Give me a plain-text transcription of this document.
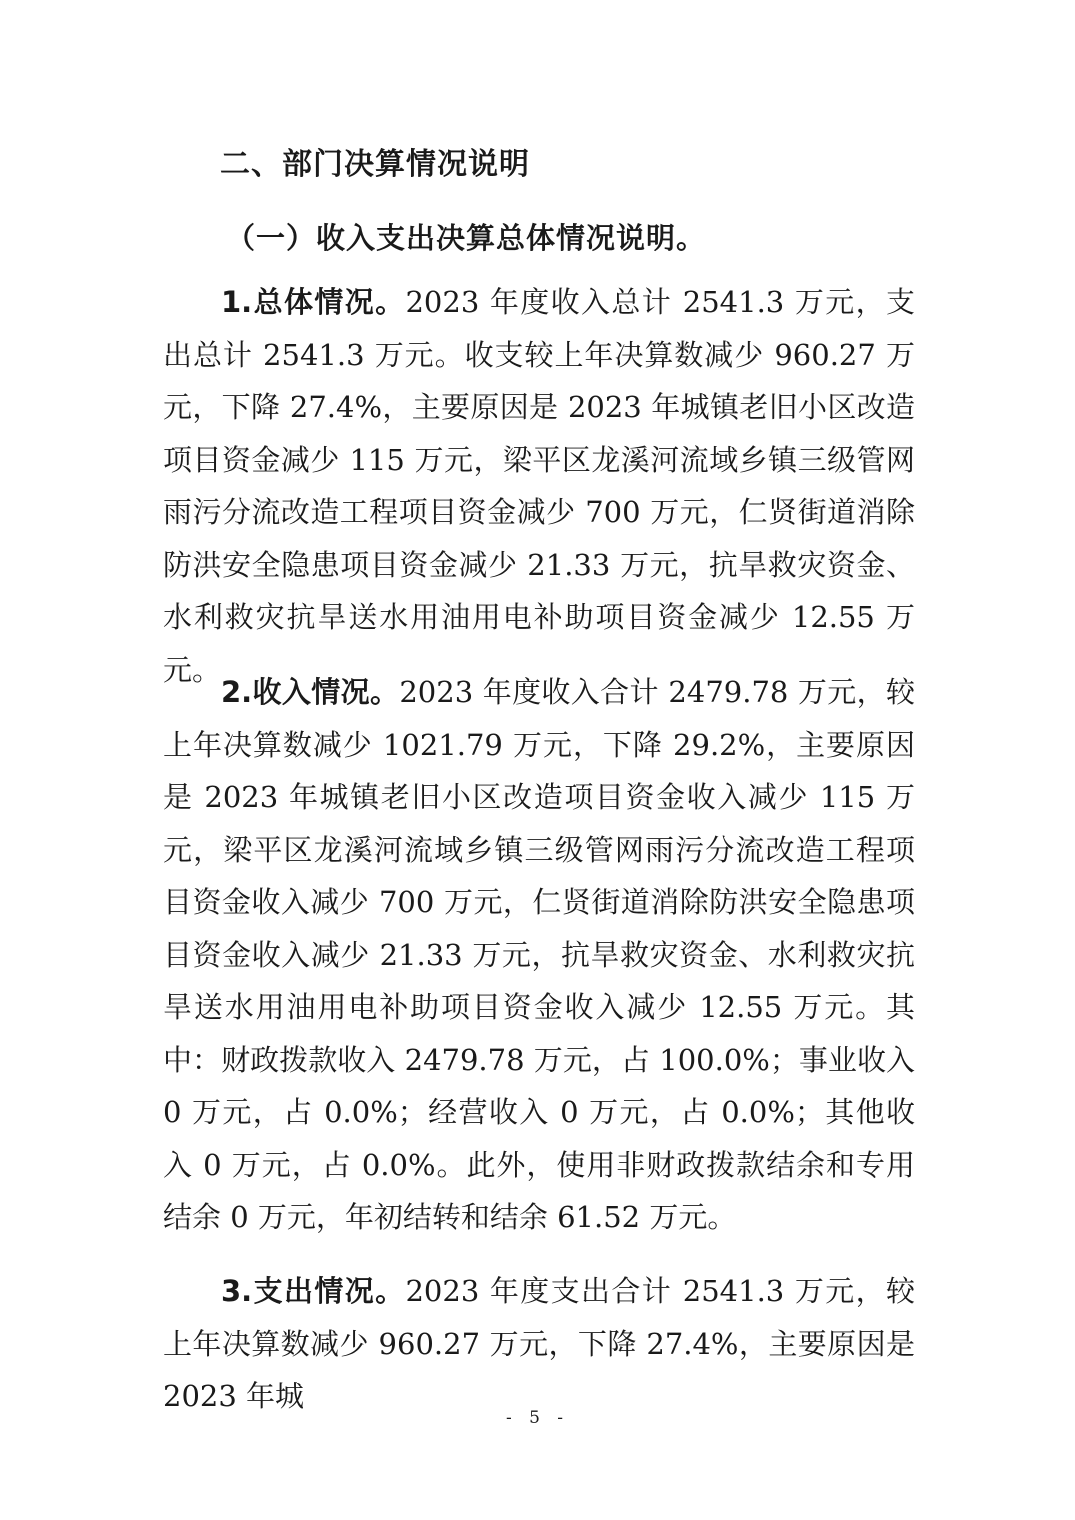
二、部门决算情况说明
（一）收入支出决算总体情况说明。

1.总体情况。2023 年度收入总计 2541.3 万元，支出总计 2541.3 万元。收支较上年决算数减少 960.27 万元，下降 27.4%，主要原因是 2023 年城镇老旧小区改造项目资金减少 115 万元，梁平区龙溪河流域乡镇三级管网雨污分流改造工程项目资金减少 700 万元，仁贤街道消除防洪安全隐患项目资金减少 21.33 万元，抗旱救灾资金、水利救灾抗旱送水用油用电补助项目资金减少 12.55 万元。

2.收入情况。2023 年度收入合计 2479.78 万元，较上年决算数减少 1021.79 万元，下降 29.2%，主要原因是 2023 年城镇老旧小区改造项目资金收入减少 115 万元，梁平区龙溪河流域乡镇三级管网雨污分流改造工程项目资金收入减少 700 万元，仁贤街道消除防洪安全隐患项目资金收入减少 21.33 万元，抗旱救灾资金、水利救灾抗旱送水用油用电补助项目资金收入减少 12.55 万元。其中：财政拨款收入 2479.78 万元，占 100.0%；事业收入 0 万元，占 0.0%；经营收入 0 万元，占 0.0%；其他收入 0 万元，占 0.0%。此外，使用非财政拨款结余和专用结余 0 万元，年初结转和结余 61.52 万元。

3.支出情况。2023 年度支出合计 2541.3 万元，较上年决算数减少 960.27 万元，下降 27.4%，主要原因是 2023 年城

- 5 -
